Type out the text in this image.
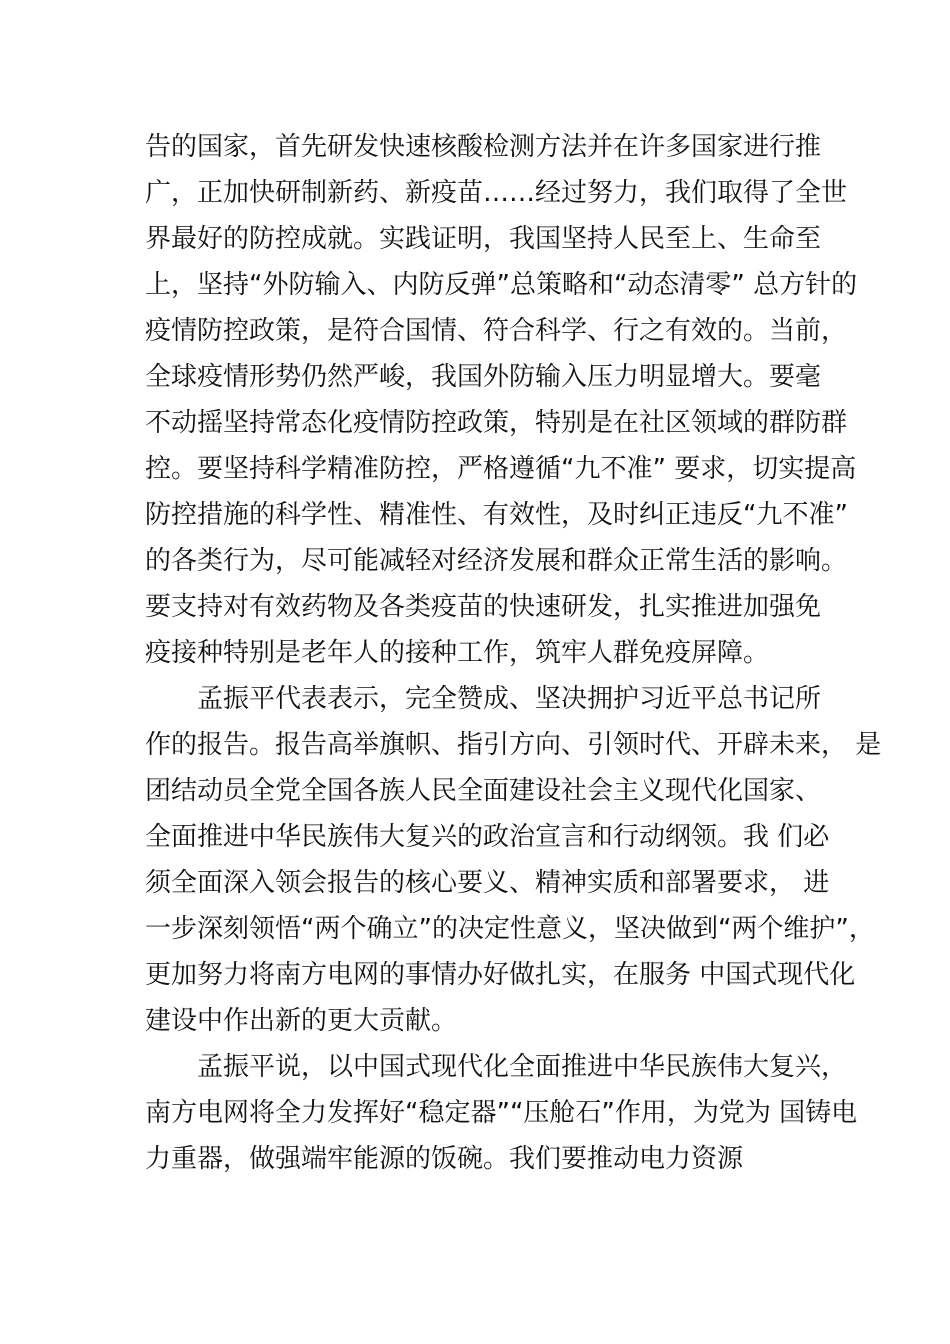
告的国家，首先研发快速核酸检测方法并在许多国家进行推
广，正加快研制新药、新疫苗……经过努力，我们取得了全世
界最好的防控成就。实践证明，我国坚持人民至上、生命至
上，坚持“外防输入、内防反弹”总策略和“动态清零” 总方针的
疫情防控政策，是符合国情、符合科学、行之有效的。当前，
全球疫情形势仍然严峻，我国外防输入压力明显增大。要毫
不动摇坚持常态化疫情防控政策，特别是在社区领域的群防群
控。要坚持科学精准防控，严格遵循“九不准” 要求，切实提高
防控措施的科学性、精准性、有效性，及时纠正违反“九不准”
的各类行为，尽可能减轻对经济发展和群众正常生活的影响。
要支持对有效药物及各类疫苗的快速研发，扎实推进加强免
疫接种特别是老年人的接种工作，筑牢人群免疫屏障。
孟振平代表表示，完全赞成、坚决拥护习近平总书记所
作的报告。报告高举旗帜、指引方向、引领时代、开辟未来， 是
团结动员全党全国各族人民全面建设社会主义现代化国家、
全面推进中华民族伟大复兴的政治宣言和行动纲领。我 们必
须全面深入领会报告的核心要义、精神实质和部署要求， 进
一步深刻领悟“两个确立”的决定性意义，坚决做到“两个维护”，
更加努力将南方电网的事情办好做扎实，在服务 中国式现代化
建设中作出新的更大贡献。
孟振平说，以中国式现代化全面推进中华民族伟大复兴，
南方电网将全力发挥好“稳定器”“压舱石”作用，为党为 国铸电
力重器，做强端牢能源的饭碗。我们要推动电力资源
